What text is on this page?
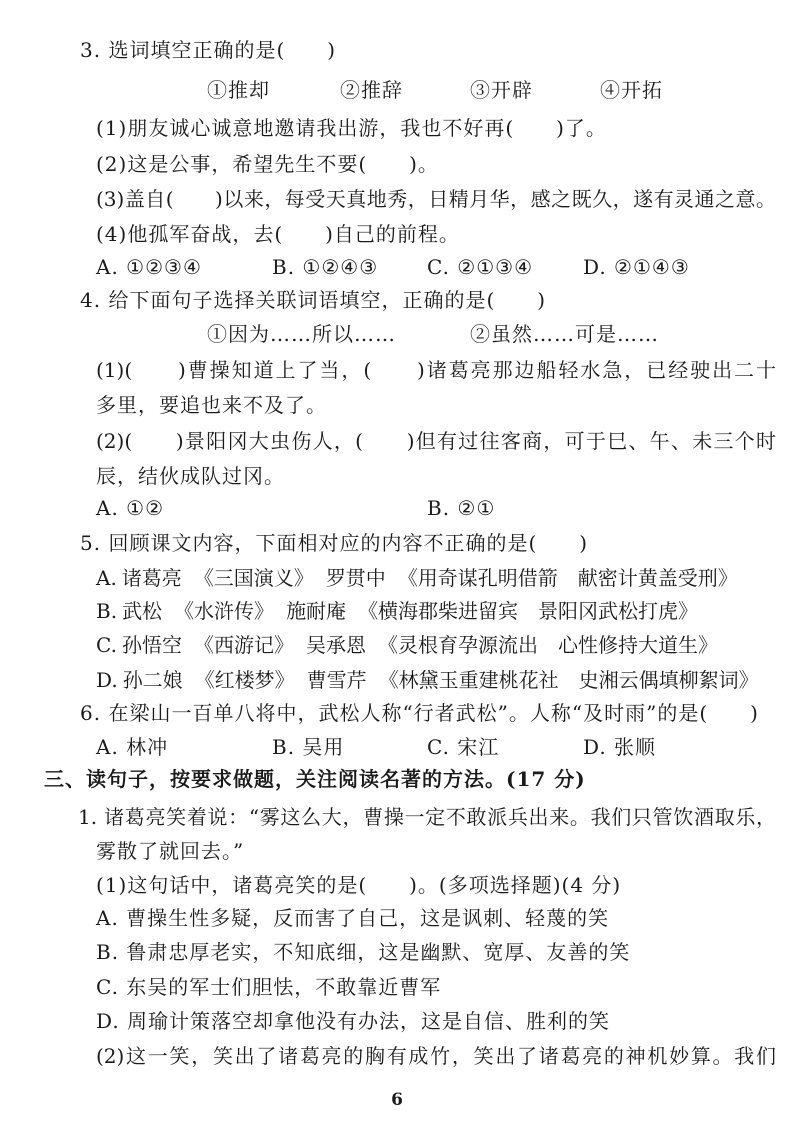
3. 选词填空正确的是(　　)
①推却	②推辞	③开辟	④开拓
(1)朋友诚心诚意地邀请我出游，我也不好再(　　)了。
(2)这是公事，希望先生不要(　　)。
(3)盖自(　　)以来，每受天真地秀，日精月华，感之既久，遂有灵通之意。
(4)他孤军奋战，去(　　)自己的前程。
A. ①②③④	B. ①②④③ C. ②①③④ D. ②①④③
4. 给下面句子选择关联词语填空，正确的是(　　)
①因为……所以……	②虽然……可是……
(1)(　　)曹操知道上了当，(　　)诸葛亮那边船轻水急，已经驶出二十
多里，要追也来不及了。
(2)(　　)景阳冈大虫伤人，(　　)但有过往客商，可于巳、午、未三个时
辰，结伙成队过冈。
A. ①②	B. ②①
5. 回顾课文内容，下面相对应的内容不正确的是(　　)
A. 诸葛亮 《三国演义》 罗贯中 《用奇谋孔明借箭　献密计黄盖受刑》
B. 武松 《水浒传》 施耐庵 《横海郡柴进留宾　景阳冈武松打虎》
C. 孙悟空 《西游记》 吴承恩 《灵根育孕源流出　心性修持大道生》
D. 孙二娘 《红楼梦》 曹雪芹 《林黛玉重建桃花社　史湘云偶填柳絮词》
6. 在梁山一百单八将中，武松人称“行者武松”。人称“及时雨”的是(　　)
A. 林冲	B. 吴用	C. 宋江	D. 张顺
三、读句子，按要求做题，关注阅读名著的方法。(17 分)
1. 诸葛亮笑着说：“雾这么大，曹操一定不敢派兵出来。我们只管饮酒取乐，
雾散了就回去。”
(1)这句话中，诸葛亮笑的是(　　)。(多项选择题)(4 分)
A. 曹操生性多疑，反而害了自己，这是讽刺、轻蔑的笑
B. 鲁肃忠厚老实，不知底细，这是幽默、宽厚、友善的笑
C. 东吴的军士们胆怯，不敢靠近曹军
D. 周瑜计策落空却拿他没有办法，这是自信、胜利的笑
(2)这一笑，笑出了诸葛亮的胸有成竹，笑出了诸葛亮的神机妙算。我们
6
